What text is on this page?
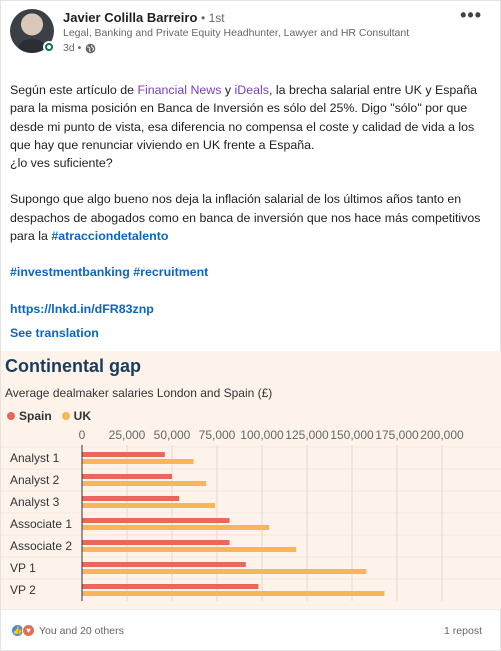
Javier Colilla Barreiro • 1st
Legal, Banking and Private Equity Headhunter, Lawyer and HR Consultant
3d •
•••

Según este artículo de Financial News y iDeals, la brecha salarial entre UK y España para la misma posición en Banca de Inversión es sólo del 25%. Digo "sólo" por que desde mi punto de vista, esa diferencia no compensa el coste y calidad de vida a los que hay que renunciar viviendo en UK frente a España.

¿lo ves suficiente?

Supongo que algo bueno nos deja la inflación salarial de los últimos años tanto en despachos de abogados como en banca de inversión que nos hace más competitivos para la #atracciondetalento

#investmentbanking #recruitment

https://lnkd.in/dFR83znp

See translation
Continental gap
Average dealmaker salaries London and Spain (£)
Spain UK
0 25,000 50,000 75,000 100,000 125,000 150,000 175,000 200,000
Analyst 1
Analyst 2
Analyst 3
Associate 1
Associate 2
VP 1
VP 2
👍 ♥ You and 20 others	1 repost
